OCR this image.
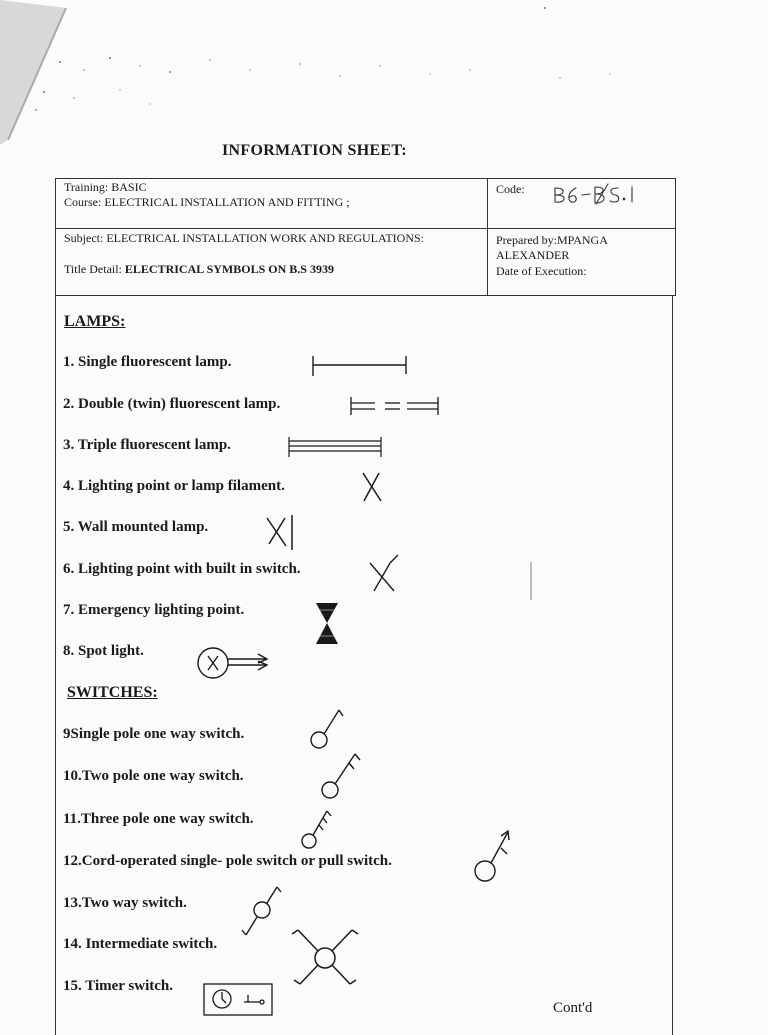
INFORMATION SHEET:
Training: BASIC
Course: ELECTRICAL INSTALLATION AND FITTING ;
Code:
Subject: ELECTRICAL INSTALLATION WORK AND REGULATIONS:
Title Detail: ELECTRICAL SYMBOLS ON B.S 3939
Prepared by:MPANGA
ALEXANDER
Date of Execution:
LAMPS:
1. Single fluorescent lamp.
2. Double (twin) fluorescent lamp.
3. Triple fluorescent lamp.
4. Lighting point or lamp filament.
5. Wall mounted lamp.
6. Lighting point with built in switch.
7. Emergency lighting point.
8. Spot light.
SWITCHES:
9Single pole one way switch.
10.Two pole one way switch.
11.Three pole one way switch.
12.Cord-operated single- pole switch or pull switch.
13.Two way switch.
14. Intermediate switch.
15. Timer switch.
Cont'd
